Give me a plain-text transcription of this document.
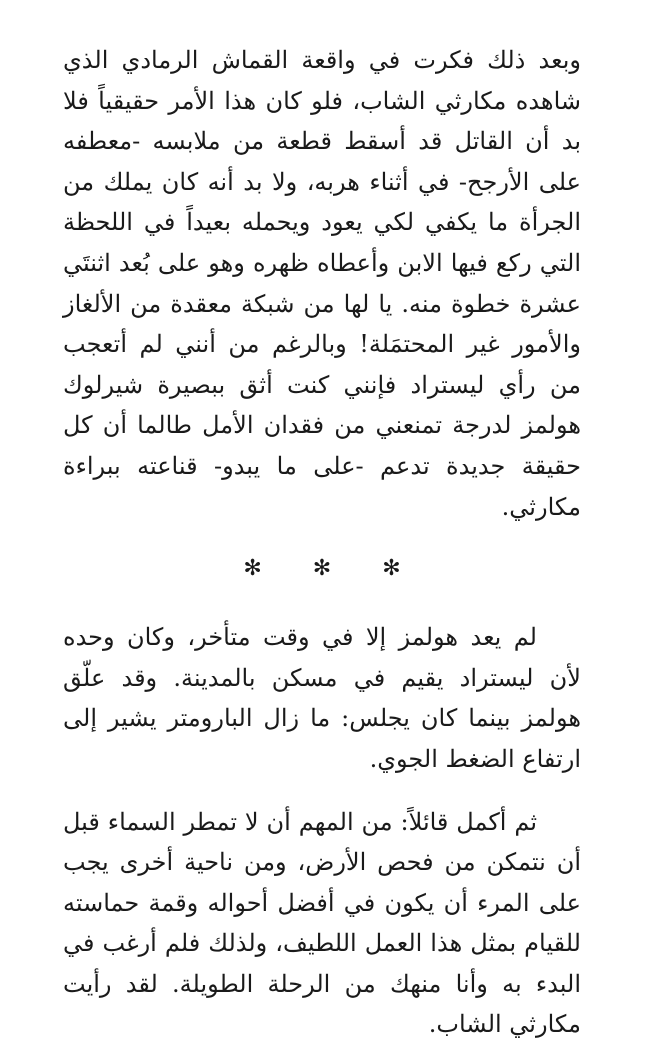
وبعد ذلك فكرت في واقعة القماش الرمادي الذي شاهده مكارثي الشاب، فلو كان هذا الأمر حقيقياً فلا بد أن القاتل قد أسقط قطعة من ملابسه -معطفه على الأرجح- في أثناء هربه، ولا بد أنه كان يملك من الجرأة ما يكفي لكي يعود ويحمله بعيداً في اللحظة التي ركع فيها الابن وأعطاه ظهره وهو على بُعد اثنتَي عشرة خطوة منه. يا لها من شبكة معقدة من الألغاز والأمور غير المحتمَلة! وبالرغم من أنني لم أتعجب من رأي ليستراد فإنني كنت أثق ببصيرة شيرلوك هولمز لدرجة تمنعني من فقدان الأمل طالما أن كل حقيقة جديدة تدعم -على ما يبدو- قناعته ببراءة مكارثي.

✻ ✻ ✻

لم يعد هولمز إلا في وقت متأخر، وكان وحده لأن ليستراد يقيم في مسكن بالمدينة. وقد علّق هولمز بينما كان يجلس: ما زال البارومتر يشير إلى ارتفاع الضغط الجوي.

ثم أكمل قائلاً: من المهم أن لا تمطر السماء قبل أن نتمكن من فحص الأرض، ومن ناحية أخرى يجب على المرء أن يكون في أفضل أحواله وقمة حماسته للقيام بمثل هذا العمل اللطيف، ولذلك فلم أرغب في البدء به وأنا منهك من الرحلة الطويلة. لقد رأيت مكارثي الشاب.
